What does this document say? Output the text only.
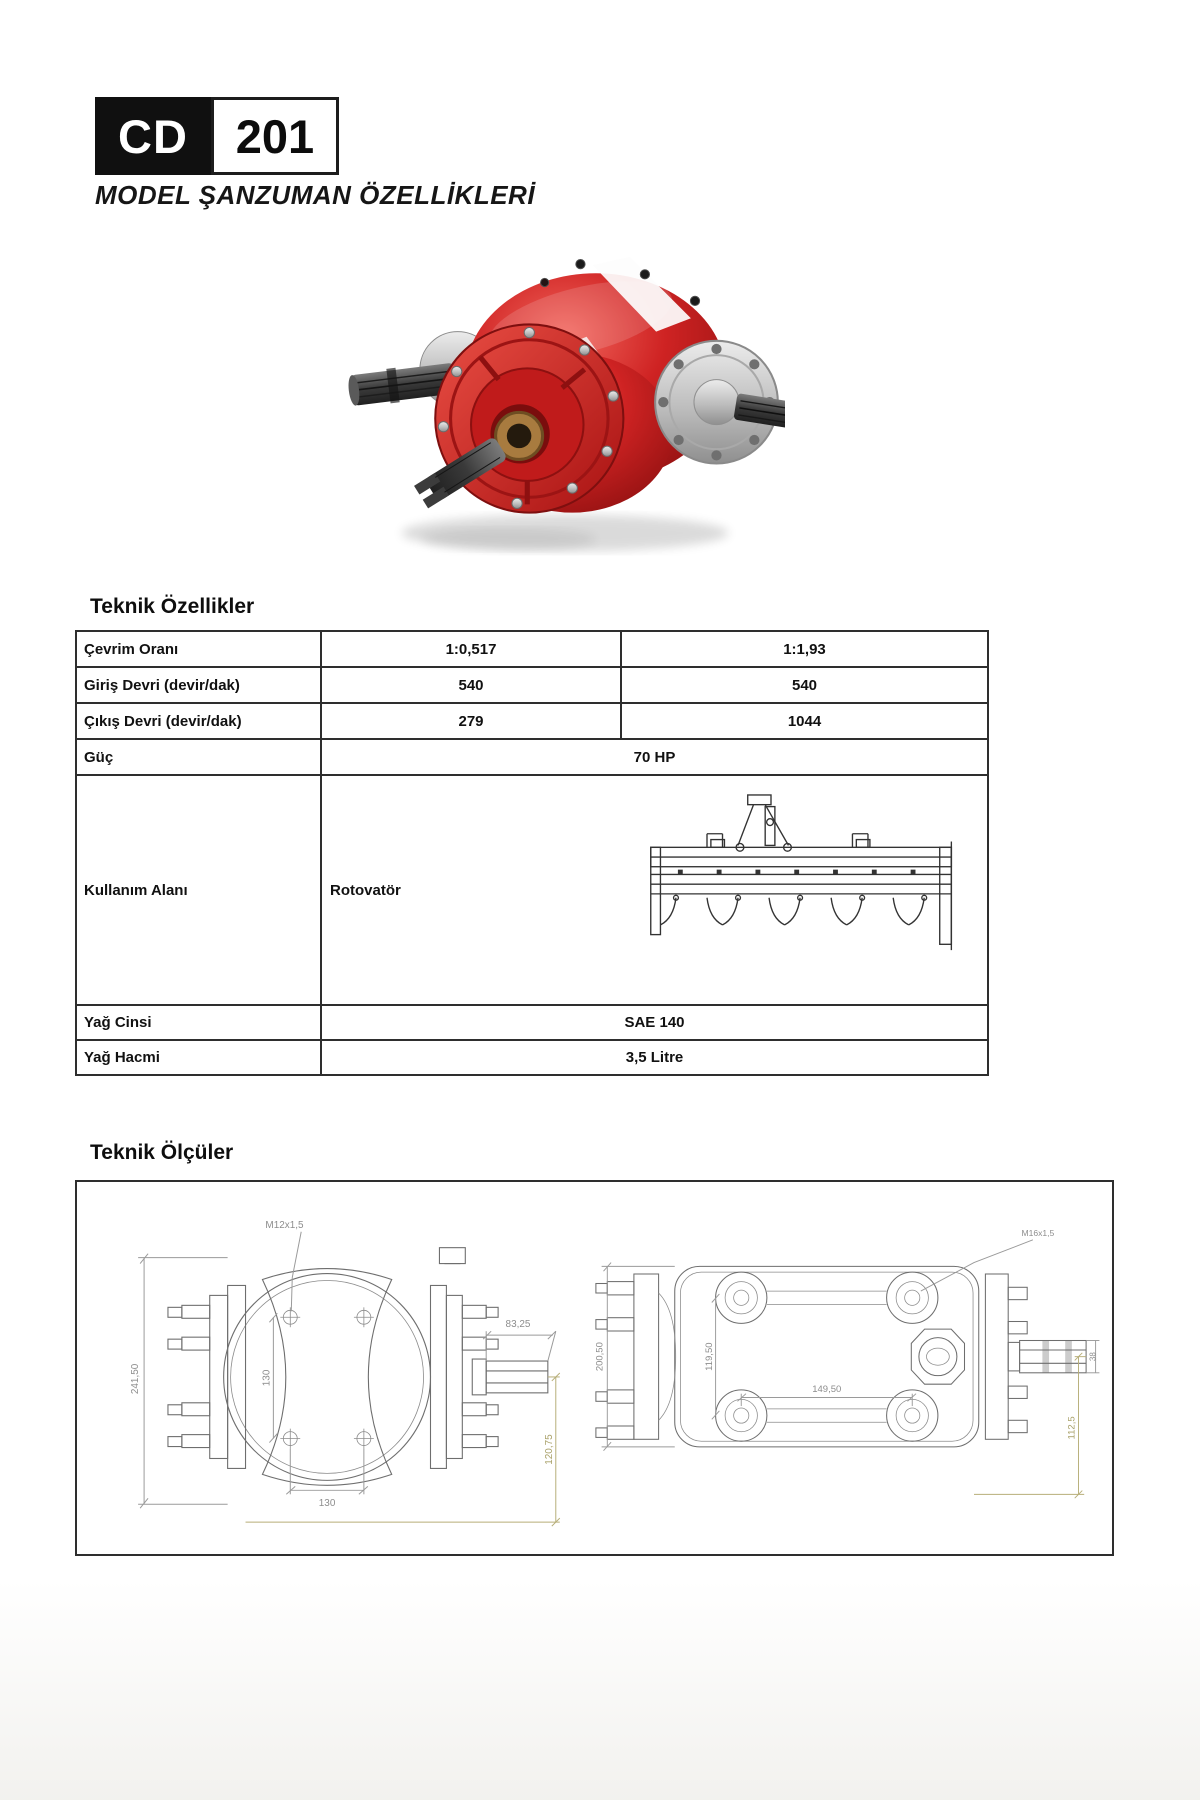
CD	201
MODEL ŞANZUMAN ÖZELLİKLERİ
Teknik Özellikler
Çevrim Oranı	1:0,517	1:1,93
Giriş Devri (devir/dak)	540	540
Çıkış Devri (devir/dak)	279	1044
Güç	70 HP
Kullanım Alanı	Rotovatör
Yağ Cinsi	SAE 140
Yağ Hacmi	3,5 Litre
Teknik Ölçüler
M12x1,5
241,50	130
130
83,25
120,75
M16x1,5
200,50	119,50
149,50
38
112,5
